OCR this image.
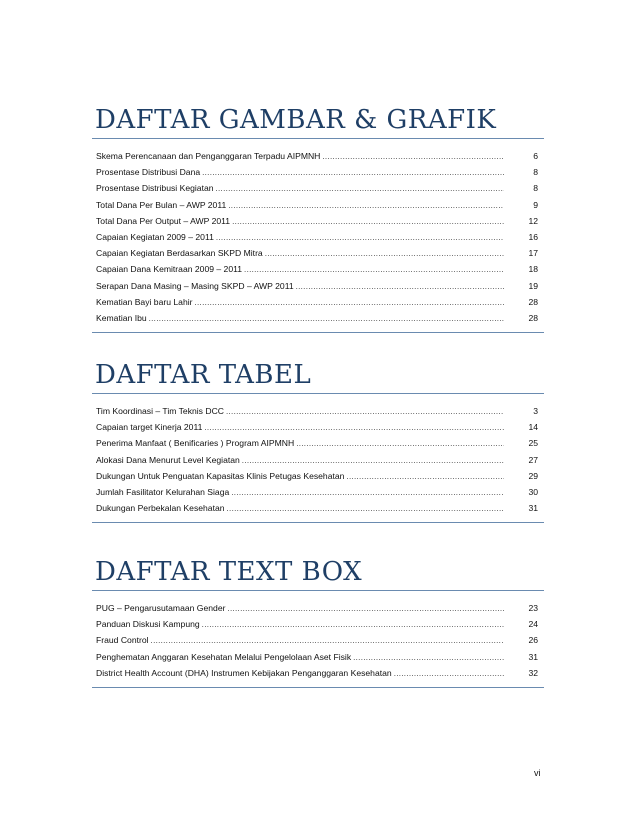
DAFTAR GAMBAR & GRAFIK
Skema Perencanaan dan Penganggaran Terpadu AIPMNH .....	6
Prosentase Distribusi Dana .....	8
Prosentase Distribusi Kegiatan .....	8
Total Dana Per Bulan – AWP 2011 .....	9
Total Dana Per Output – AWP 2011 .....	12
Capaian Kegiatan 2009 – 2011 .....	16
Capaian Kegiatan Berdasarkan SKPD Mitra .....	17
Capaian Dana Kemitraan 2009 – 2011 .....	18
Serapan Dana Masing – Masing SKPD – AWP 2011 .....	19
Kematian Bayi baru Lahir .....	28
Kematian Ibu .....	28
DAFTAR TABEL
Tim Koordinasi – Tim Teknis DCC .....	3
Capaian target Kinerja 2011 .....	14
Penerima Manfaat ( Benificaries ) Program AIPMNH .....	25
Alokasi Dana Menurut Level Kegiatan .....	27
Dukungan Untuk Penguatan Kapasitas Klinis Petugas Kesehatan .....	29
Jumlah Fasilitator Kelurahan Siaga .....	30
Dukungan Perbekalan Kesehatan .....	31
DAFTAR TEXT BOX
PUG – Pengarusutamaan Gender .....	23
Panduan Diskusi Kampung .....	24
Fraud Control .....	26
Penghematan Anggaran Kesehatan Melalui Pengelolaan Aset Fisik .....	31
District Health Account (DHA) Instrumen Kebijakan Penganggaran Kesehatan .....	32
vi
